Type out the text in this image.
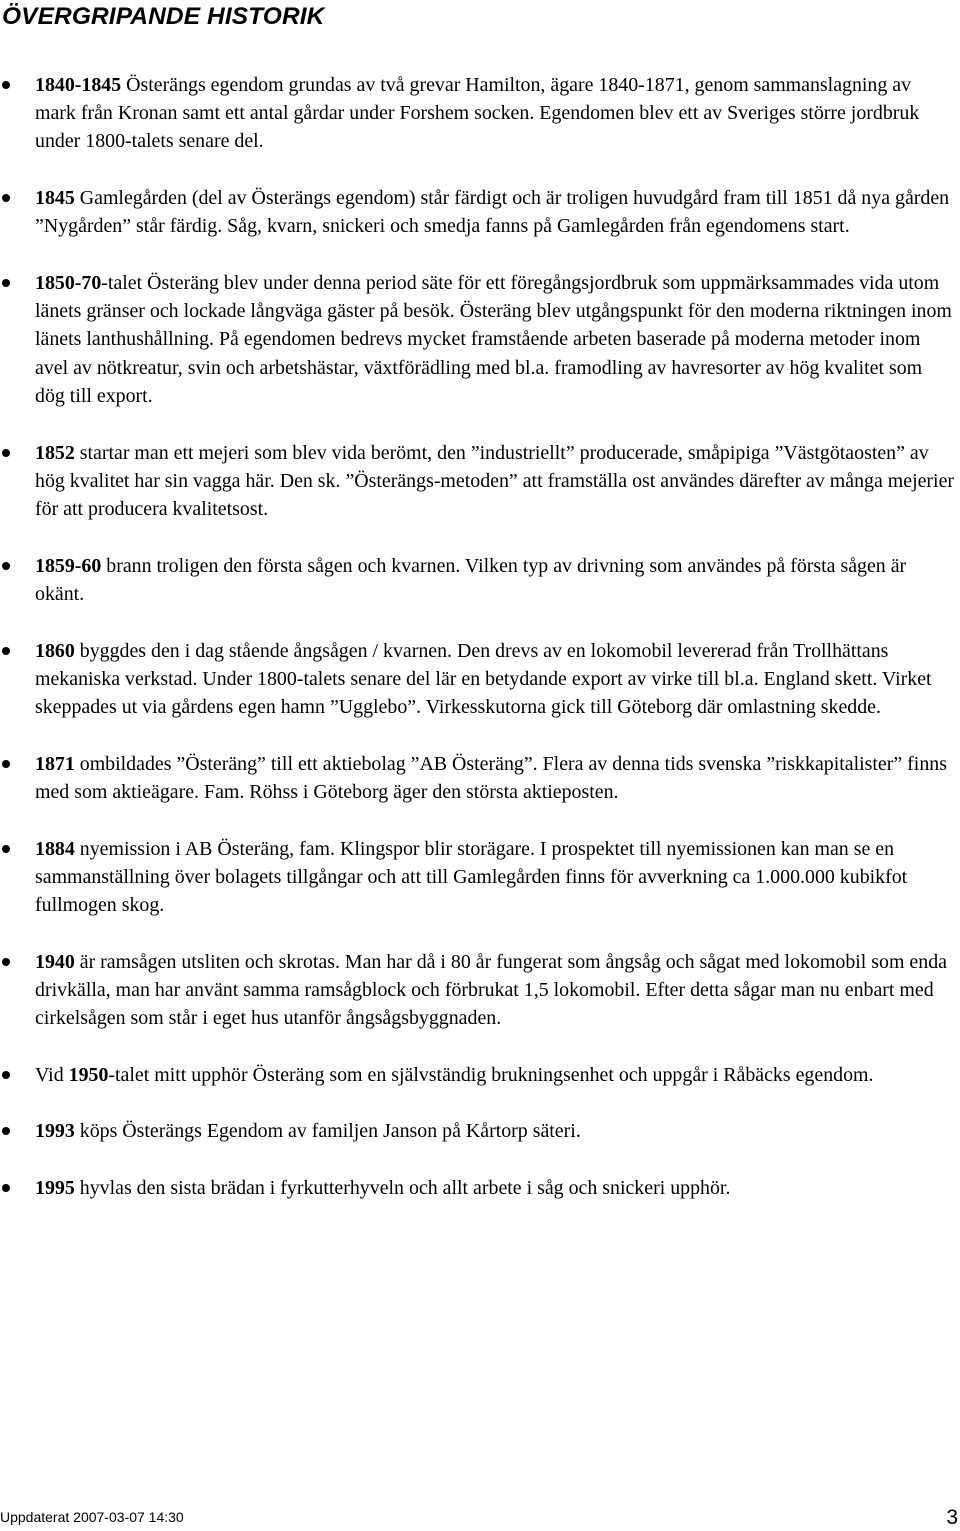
ÖVERGRIPANDE HISTORIK
1840-1845 Österängs egendom grundas av två grevar Hamilton, ägare 1840-1871, genom sammanslagning av mark från Kronan samt ett antal gårdar under Forshem socken. Egendomen blev ett av Sveriges större jordbruk under 1800-talets senare del.
1845 Gamlegården (del av Österängs egendom) står färdigt och är troligen huvudgård fram till 1851 då nya gården ”Nygården” står färdig. Såg, kvarn, snickeri och smedja fanns på Gamlegården från egendomens start.
1850-70-talet Österäng blev under denna period säte för ett föregångsjordbruk som uppmärksammades vida utom länets gränser och lockade långväga gäster på besök. Österäng blev utgångspunkt för den moderna riktningen inom länets lanthushållning. På egendomen bedrevs mycket framstående arbeten baserade på moderna metoder inom avel av nötkreatur, svin och arbetshästar, växtförädling med bl.a. framodling av havresorter av hög kvalitet som dög till export.
1852 startar man ett mejeri som blev vida berömt, den ”industriellt” producerade, småpipiga ”Västgötaosten” av hög kvalitet har sin vagga här. Den sk. ”Österängs-metoden” att framställa ost användes därefter av många mejerier för att producera kvalitetsost.
1859-60 brann troligen den första sågen och kvarnen. Vilken typ av drivning som användes på första sågen är okänt.
1860 byggdes den i dag stående ångsågen / kvarnen. Den drevs av en lokomobil levererad från Trollhättans mekaniska verkstad. Under 1800-talets senare del lär en betydande export av virke till bl.a. England skett. Virket skeppades ut via gårdens egen hamn ”Ugglebo”. Virkesskutorna gick till Göteborg där omlastning skedde.
1871 ombildades ”Österäng” till ett aktiebolag ”AB Österäng”. Flera av denna tids svenska ”riskkapitalister” finns med som aktieägare. Fam. Röhss i Göteborg äger den största aktieposten.
1884 nyemission i AB Österäng, fam. Klingspor blir storägare. I prospektet till nyemissionen kan man se en sammanställning över bolagets tillgångar och att till Gamlegården finns för avverkning ca 1.000.000 kubikfot fullmogen skog.
1940 är ramsågen utsliten och skrotas. Man har då i 80 år fungerat som ångsåg och sågat med lokomobil som enda drivkälla, man har använt samma ramsågblock och förbrukat 1,5 lokomobil. Efter detta sågar man nu enbart med cirkelsågen som står i eget hus utanför ångsågsbyggnaden.
Vid 1950-talet mitt upphör Österäng som en självständig brukningsenhet och uppgår i Råbäcks egendom.
1993 köps Österängs Egendom av familjen Janson på Kårtorp säteri.
1995 hyvlas den sista brädan i fyrkutterhyveln och allt arbete i såg och snickeri upphör.
Uppdaterat 2007-03-07 14:30	3
